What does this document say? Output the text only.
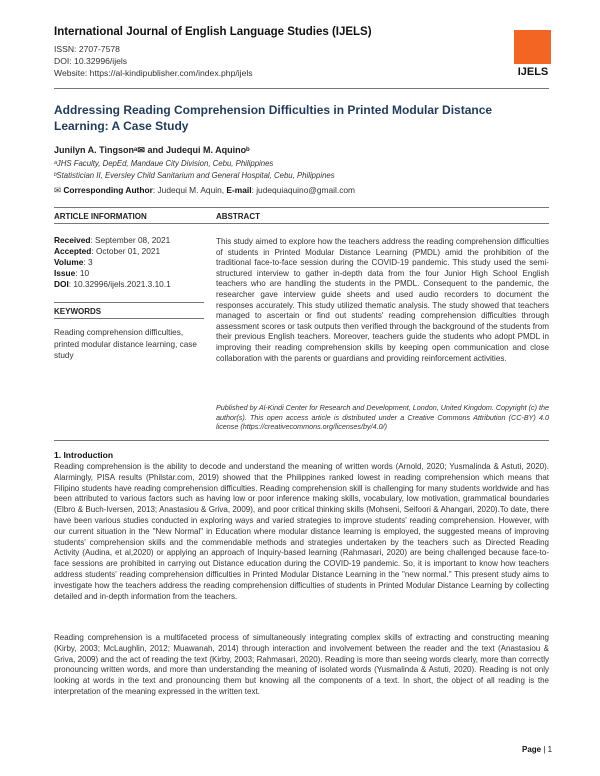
International Journal of English Language Studies (IJELS)
ISSN: 2707-7578
DOI: 10.32996/ijels
Website: https://al-kindipublisher.com/index.php/ijels	IJELS
Addressing Reading Comprehension Difficulties in Printed Modular Distance Learning: A Case Study
Junilyn A. Tingsonᵃ✉ and Judequi M. Aquinoᵇ
ᵃJHS Faculty, DepEd, Mandaue City Division, Cebu, Philippines
ᵇStatistician II, Eversley Child Sanitarium and General Hospital, Cebu, Philippines
✉ Corresponding Author: Judequi M. Aquin, E-mail: judequiaquino@gmail.com
ARTICLE INFORMATION	ABSTRACT
Received: September 08, 2021
Accepted: October 01, 2021
Volume: 3
Issue: 10
DOI: 10.32996/ijels.2021.3.10.1
KEYWORDS
Reading comprehension difficulties, printed modular distance learning, case study
This study aimed to explore how the teachers address the reading comprehension difficulties of students in Printed Modular Distance Learning (PMDL) amid the prohibition of the traditional face-to-face session during the COVID-19 pandemic. This study used the semi-structured interview to gather in-depth data from the four Junior High School English teachers who are handling the students in the PMDL. Consequent to the pandemic, the researcher gave interview guide sheets and used audio recorders to document the responses accurately. This study utilized thematic analysis. The study showed that teachers managed to ascertain or find out students' reading comprehension difficulties through assessment scores or task outputs then verified through the background of the students from their previous English teachers. Moreover, teachers guide the students who adopt PMDL in improving their reading comprehension skills by keeping open communication and close collaboration with the parents or guardians and providing reinforcement activities.
Published by Al-Kindi Center for Research and Development, London, United Kingdom. Copyright (c) the author(s). This open access article is distributed under a Creative Commons Attribution (CC-BY) 4.0 license (https://creativecommons.org/licenses/by/4.0/)
1. Introduction
Reading comprehension is the ability to decode and understand the meaning of written words (Arnold, 2020; Yusmalinda & Astuti, 2020). Alarmingly, PISA results (Philstar.com, 2019) showed that the Philippines ranked lowest in reading comprehension which means that Filipino students have reading comprehension difficulties. Reading comprehension skill is challenging for many students worldwide and has been attributed to various factors such as having low or poor inference making skills, vocabulary, low motivation, grammatical boundaries (Elbro & Buch-Iversen, 2013; Anastasiou & Griva, 2009), and poor critical thinking skills (Mohseni, Seifoori & Ahangari, 2020).To date, there have been various studies conducted in exploring ways and varied strategies to improve students' reading comprehension. However, with our current situation in the "New Normal" in Education where modular distance learning is employed, the suggested means of improving students' comprehension skills and the commendable methods and strategies undertaken by the teachers such as Directed Reading Activity (Audina, et al,2020) or applying an approach of Inquiry-based learning (Rahmasari, 2020) are being challenged because face-to-face sessions are prohibited in carrying out Distance education during the COVID-19 pandemic. So, it is important to know how teachers address students' reading comprehension difficulties in Printed Modular Distance Learning in the "new normal." This present study aims to investigate how the teachers address the reading comprehension difficulties of students in Printed Modular Distance Learning by collecting detailed and in-depth information from the teachers.
Reading comprehension is a multifaceted process of simultaneously integrating complex skills of extracting and constructing meaning (Kirby, 2003; McLaughlin, 2012; Muawanah, 2014) through interaction and involvement between the reader and the text (Anastasiou & Griva, 2009) and the act of reading the text (Kirby, 2003; Rahmasari, 2020). Reading is more than seeing words clearly, more than correctly pronouncing written words, and more than understanding the meaning of isolated words (Yusmalinda & Astuti, 2020). Reading is not only looking at words in the text and pronouncing them but knowing all the components of a text. In short, the object of all reading is the interpretation of the meaning expressed in the written text.
Page | 1
